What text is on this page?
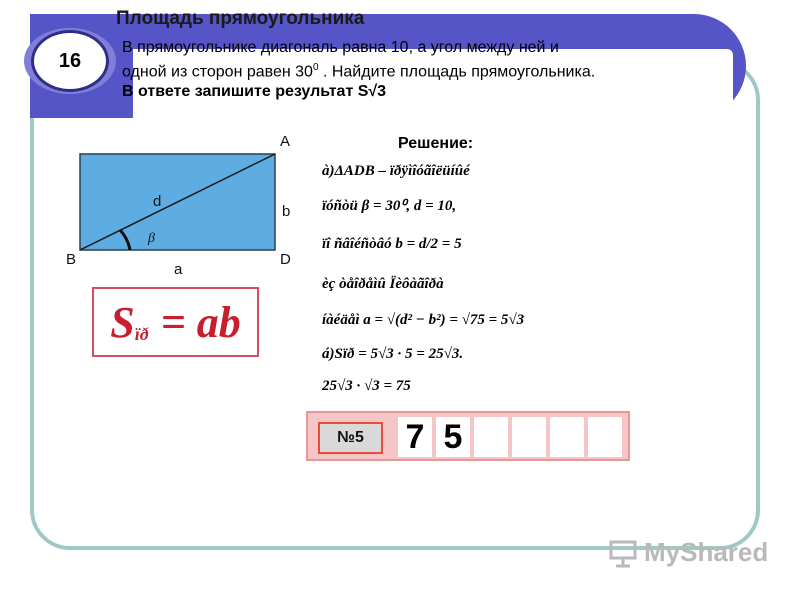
16
Площадь прямоугольника
В прямоугольнике диагональ равна 10, а угол между ней и
одной из сторон равен $30^0$ . Найдите площадь прямоугольника.
В ответе запишите результат S√3
A
B	D
d
b
a
β
S ïð = ab
Решение:
à)ΔADB – ïðÿìîóãîëüíûé
ïóñòü β = 30⁰, d = 10,
ïî ñâîéñòâó b = d/2 = 5
èç òåîðåìû Ïèôàãîðà
íàéäåì a = √(d² − b²) = √75 = 5√3
á)Sïð = 5√3 · 5 = 25√3.
25√3 · √3 = 75
№5	7 5
MyShared
